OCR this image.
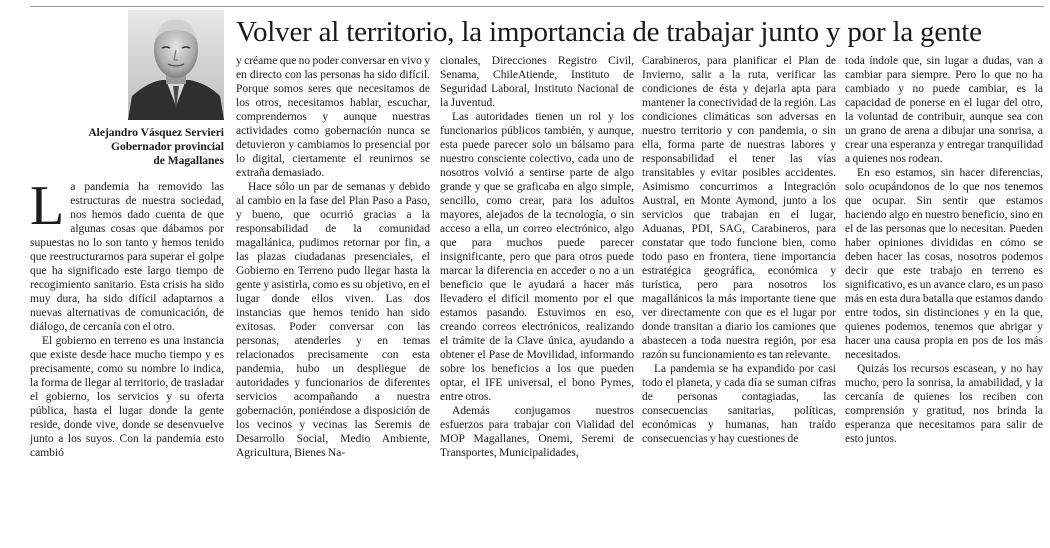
Volver al territorio, la importancia de trabajar junto y por la gente
Alejandro Vásquez Servieri
Gobernador provincial
de Magallanes
L a pandemia ha removido las estructuras de nuestra sociedad, nos hemos dado cuenta de que algunas cosas que dábamos por supuestas no lo son tanto y hemos tenido que reestructurarnos para superar el golpe que ha significado este largo tiempo de recogimiento sanitario. Esta crisis ha sido muy dura, ha sido difícil adaptarnos a nuevas alternativas de comunicación, de diálogo, de cercanía con el otro.

El gobierno en terreno es una instancia que existe desde hace mucho tiempo y es precisamente, como su nombre lo indica, la forma de llegar al territorio, de trasladar el gobierno, los servicios y su oferta pública, hasta el lugar donde la gente reside, donde vive, donde se desenvuelve junto a los suyos. Con la pandemia esto cambió

y créame que no poder conversar en vivo y en directo con las personas ha sido difícil. Porque somos seres que necesitamos de los otros, necesitamos hablar, escuchar, comprendernos y aunque nuestras actividades como gobernación nunca se detuvieron y cambiamos lo presencial por lo digital, ciertamente el reunirnos se extraña demasiado.

Hace sólo un par de semanas y debido al cambio en la fase del Plan Paso a Paso, y bueno, que ocurrió gracias a la responsabilidad de la comunidad magallánica, pudimos retornar por fin, a las plazas ciudadanas presenciales, el Gobierno en Terreno pudo llegar hasta la gente y asistirla, como es su objetivo, en el lugar donde ellos viven. Las dos instancias que hemos tenido han sido exitosas. Poder conversar con las personas, atenderles y en temas relacionados precisamente con esta pandemia, hubo un despliegue de autoridades y funcionarios de diferentes servicios acompañando a nuestra gobernación, poniéndose a disposición de los vecinos y vecinas las Seremis de Desarrollo Social, Medio Ambiente, Agricultura, Bienes Na-

cionales, Direcciones Registro Civil, Senama, ChileAtiende, Instituto de Seguridad Laboral, Instituto Nacional de la Juventud.

Las autoridades tienen un rol y los funcionarios públicos también, y aunque, esta puede parecer solo un bálsamo para nuestro consciente colectivo, cada uno de nosotros volvió a sentirse parte de algo grande y que se graficaba en algo simple, sencillo, como crear, para los adultos mayores, alejados de la tecnología, o sin acceso a ella, un correo electrónico, algo que para muchos puede parecer insignificante, pero que para otros puede marcar la diferencia en acceder o no a un beneficio que le ayudará a hacer más llevadero el difícil momento por el que estamos pasando. Estuvimos en eso, creando correos electrónicos, realizando el trámite de la Clave única, ayudando a obtener el Pase de Movilidad, informando sobre los beneficios a los que pueden optar, el IFE universal, el bono Pymes, entre otros.

Además conjugamos nuestros esfuerzos para trabajar con Vialidad del MOP Magallanes, Onemi, Seremi de Transportes, Municipalidades,

Carabineros, para planificar el Plan de Invierno, salir a la ruta, verificar las condiciones de ésta y dejarla apta para mantener la conectividad de la región. Las condiciones climáticas son adversas en nuestro territorio y con pandemia, o sin ella, forma parte de nuestras labores y responsabilidad el tener las vías transitables y evitar posibles accidentes. Asimismo concurrimos a Integración Austral, en Monte Aymond, junto a los servicios que trabajan en el lugar, Aduanas, PDI, SAG, Carabineros, para constatar que todo funcione bien, como todo paso en frontera, tiene importancia estratégica geográfica, económica y turística, pero para nosotros los magallánicos la más importante tiene que ver directamente con que es el lugar por donde transitan a diario los camiones que abastecen a toda nuestra región, por esa razón su funcionamiento es tan relevante.

La pandemia se ha expandido por casi todo el planeta, y cada día se suman cifras de personas contagiadas, las consecuencias sanitarias, políticas, económicas y humanas, han traído consecuencias y hay cuestiones de

toda índole que, sin lugar a dudas, van a cambiar para siempre. Pero lo que no ha cambiado y no puede cambiar, es la capacidad de ponerse en el lugar del otro, la voluntad de contribuir, aunque sea con un grano de arena a dibujar una sonrisa, a crear una esperanza y entregar tranquilidad a quienes nos rodean.

En eso estamos, sin hacer diferencias, solo ocupándonos de lo que nos tenemos que ocupar. Sin sentir que estamos haciendo algo en nuestro beneficio, sino en el de las personas que lo necesitan. Pueden haber opiniones divididas en cómo se deben hacer las cosas, nosotros podemos decir que este trabajo en terreno es significativo, es un avance claro, es un paso más en esta dura batalla que estamos dando entre todos, sin distinciones y en la que, quienes podemos, tenemos que abrigar y hacer una causa propia en pos de los más necesitados.

Quizás los recursos escasean, y no hay mucho, pero la sonrisa, la amabilidad, y la cercanía de quienes los reciben con comprensión y gratitud, nos brinda la esperanza que necesitamos para salir de esto juntos.
